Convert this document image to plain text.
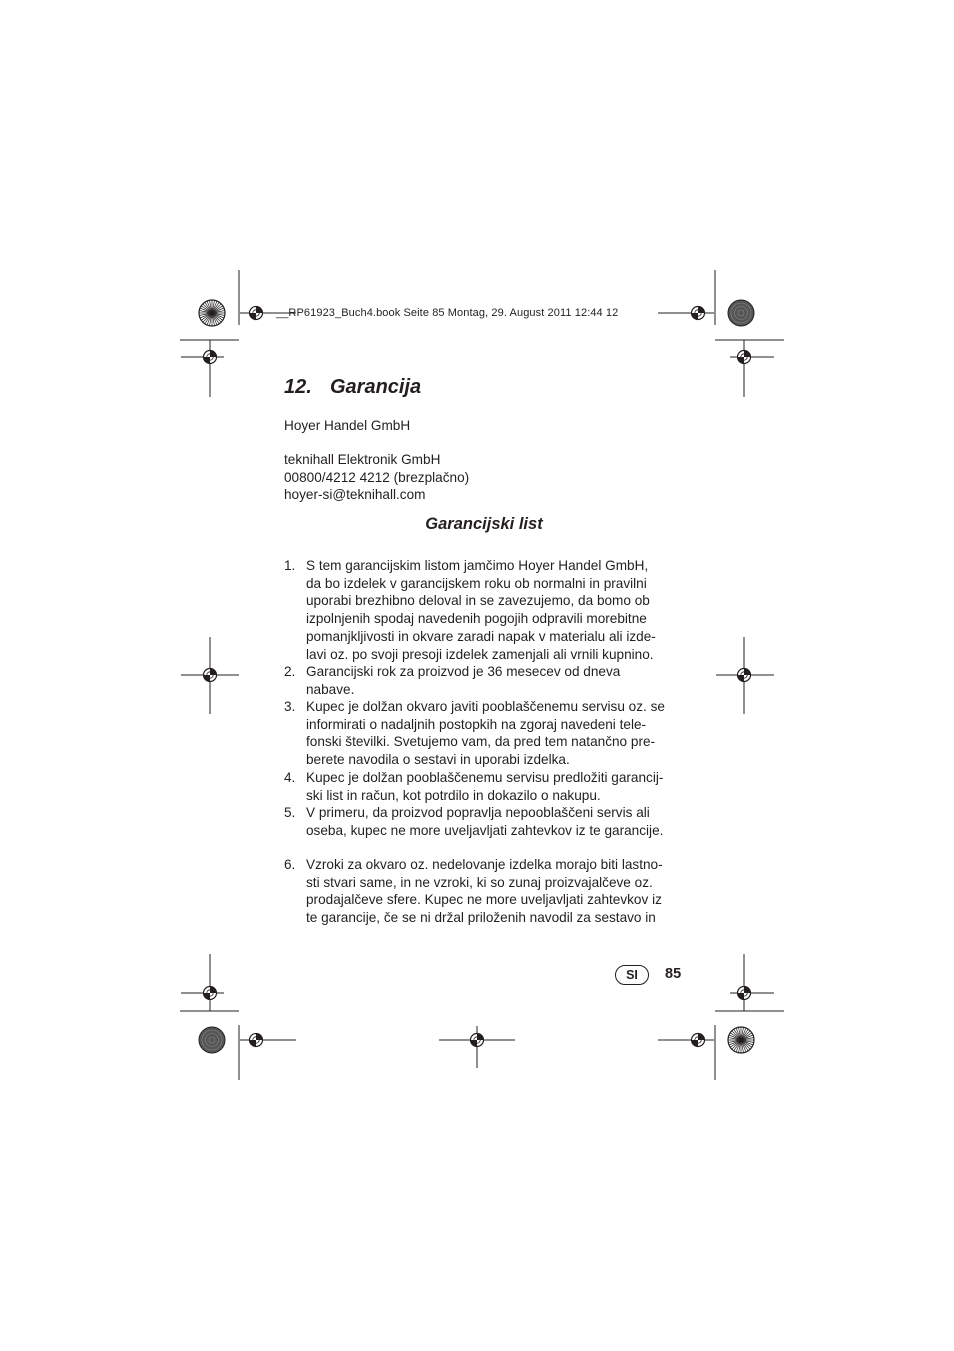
__RP61923_Buch4.book Seite 85 Montag, 29. August 2011 12:44 12
12. Garancija
Hoyer Handel GmbH
teknihall Elektronik GmbH
00800/4212 4212 (brezplačno)
hoyer-si@teknihall.com
Garancijski list
1. S tem garancijskim listom jamčimo Hoyer Handel GmbH,
da bo izdelek v garancijskem roku ob normalni in pravilni
uporabi brezhibno deloval in se zavezujemo, da bomo ob
izpolnjenih spodaj navedenih pogojih odpravili morebitne
pomanjkljivosti in okvare zaradi napak v materialu ali izde-
lavi oz. po svoji presoji izdelek zamenjali ali vrnili kupnino.
2. Garancijski rok za proizvod je 36 mesecev od dneva
nabave.
3. Kupec je dolžan okvaro javiti pooblaščenemu servisu oz. se
informirati o nadaljnih postopkih na zgoraj navedeni tele-
fonski številki. Svetujemo vam, da pred tem natančno pre-
berete navodila o sestavi in uporabi izdelka.
4. Kupec je dolžan pooblaščenemu servisu predložiti garancij-
ski list in račun, kot potrdilo in dokazilo o nakupu.
5. V primeru, da proizvod popravlja nepooblaščeni servis ali
oseba, kupec ne more uveljavljati zahtevkov iz te garancije.
6. Vzroki za okvaro oz. nedelovanje izdelka morajo biti lastno-
sti stvari same, in ne vzroki, ki so zunaj proizvajalčeve oz.
prodajalčeve sfere. Kupec ne more uveljavljati zahtevkov iz
te garancije, če se ni držal priloženih navodil za sestavo in
SI	85
